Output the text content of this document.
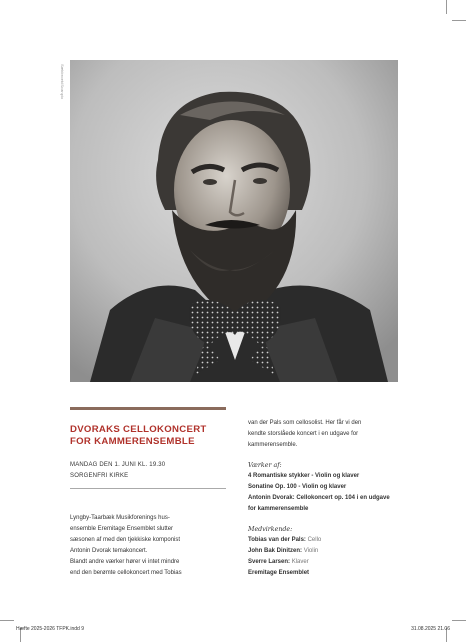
Sækbroek/Scanpix
DVORAKS CELLOKONCERT
FOR KAMMERENSEMBLE
MANDAG DEN 1. JUNI KL. 19.30
SORGENFRI KIRKE
Lyngby-Taarbæk Musikforenings hus-
ensemble Eremitage Ensemblet slutter
sæsonen af med den tjekkiske komponist
Antonin Dvorak temakoncert.
Blandt andre værker hører vi intet mindre
end den berømte cellokoncert med Tobias
van der Pals som cellosolist. Her får vi den
kendte storslåede koncert i en udgave for
kammerensemble.
Værker af:
4 Romantiske stykker - Violin og klaver
Sonatine Op. 100 - Violin og klaver
Antonin Dvorak: Cellokoncert op. 104 i en udgave
for kammerensemble
Medvirkende:
Tobias van der Pals: Cello
John Bak Dinitzen: Violin
Sverre Larsen: Klaver
Eremitage Ensemblet
Hæfte 2025-2026 TFPK.indd 9	31.08.2025 21.06
